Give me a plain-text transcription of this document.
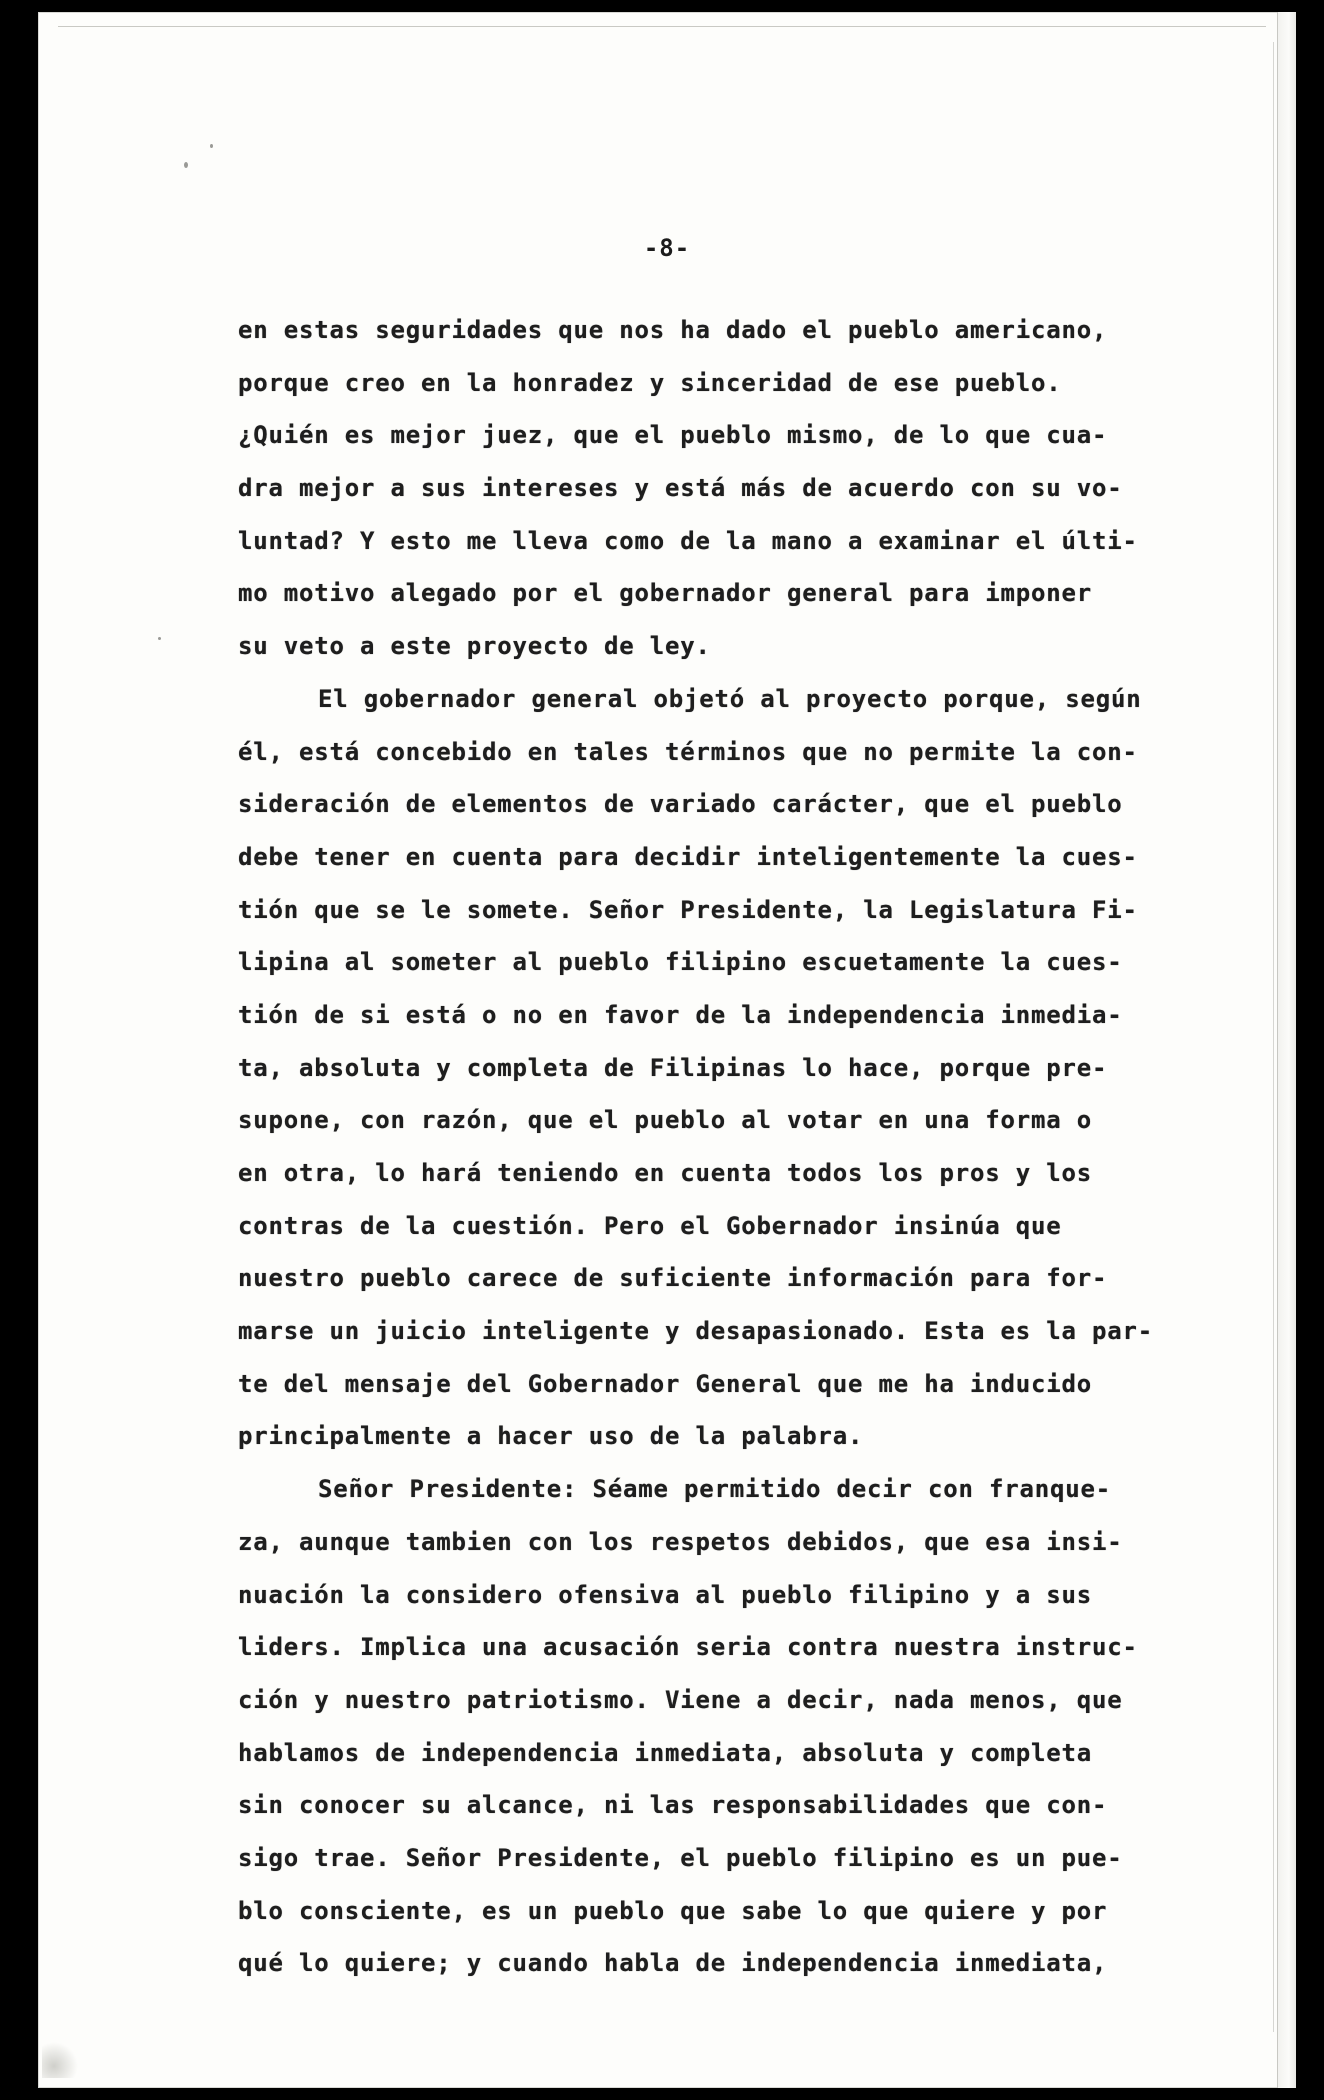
-8-
en estas seguridades que nos ha dado el pueblo americano,
porque creo en la honradez y sinceridad de ese pueblo.
¿Quién es mejor juez, que el pueblo mismo, de lo que cua-
dra mejor a sus intereses y está más de acuerdo con su vo-
luntad? Y esto me lleva como de la mano a examinar el últi-
mo motivo alegado por el gobernador general para imponer
su veto a este proyecto de ley.
El gobernador general objetó al proyecto porque, según
él, está concebido en tales términos que no permite la con-
sideración de elementos de variado carácter, que el pueblo
debe tener en cuenta para decidir inteligentemente la cues-
tión que se le somete. Señor Presidente, la Legislatura Fi-
lipina al someter al pueblo filipino escuetamente la cues-
tión de si está o no en favor de la independencia inmedia-
ta, absoluta y completa de Filipinas lo hace, porque pre-
supone, con razón, que el pueblo al votar en una forma o
en otra, lo hará teniendo en cuenta todos los pros y los
contras de la cuestión. Pero el Gobernador insinúa que
nuestro pueblo carece de suficiente información para for-
marse un juicio inteligente y desapasionado. Esta es la par-
te del mensaje del Gobernador General que me ha inducido
principalmente a hacer uso de la palabra.
Señor Presidente: Séame permitido decir con franque-
za, aunque tambien con los respetos debidos, que esa insi-
nuación la considero ofensiva al pueblo filipino y a sus
liders. Implica una acusación seria contra nuestra instruc-
ción y nuestro patriotismo. Viene a decir, nada menos, que
hablamos de independencia inmediata, absoluta y completa
sin conocer su alcance, ni las responsabilidades que con-
sigo trae. Señor Presidente, el pueblo filipino es un pue-
blo consciente, es un pueblo que sabe lo que quiere y por
qué lo quiere; y cuando habla de independencia inmediata,
